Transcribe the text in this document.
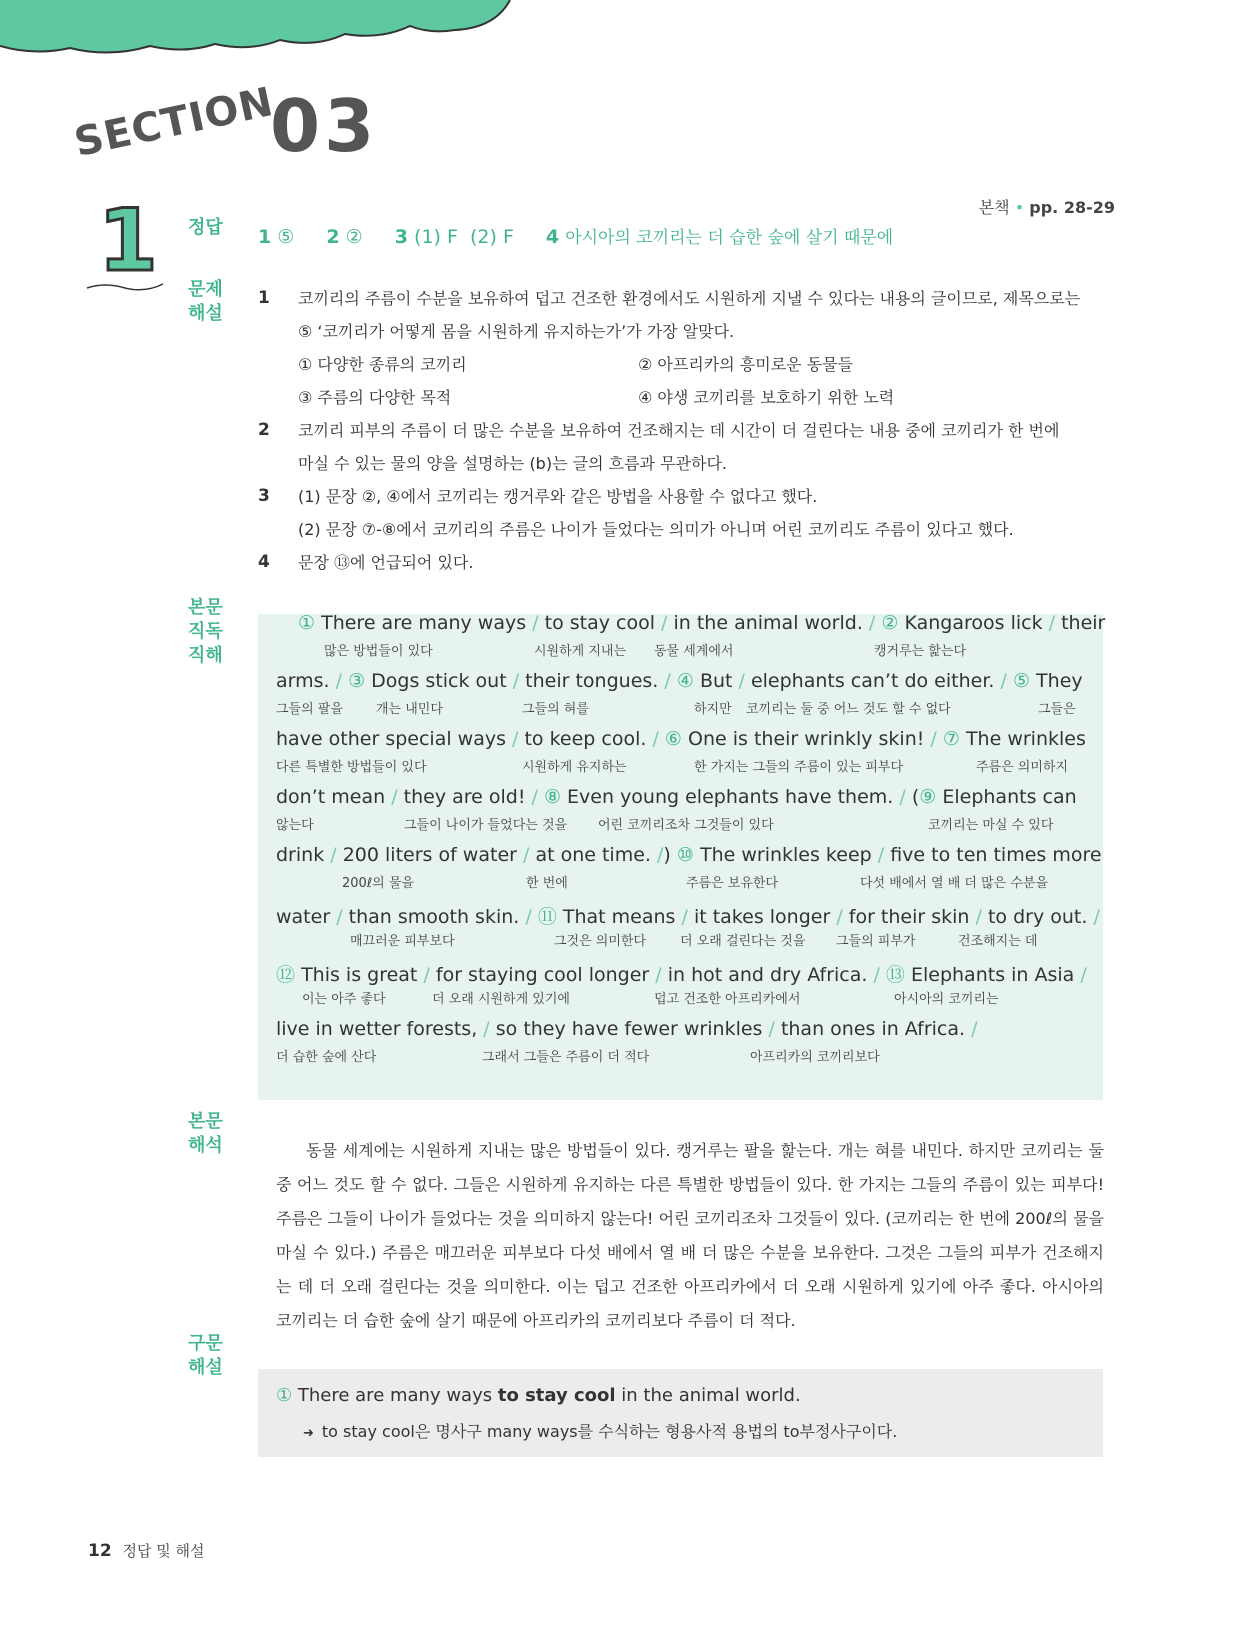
SECTION
03
1	본책 • pp. 28-29
정답
문제
해설
본문
직독
직해
본문
해석
구문
해설
1 ⑤ 2 ② 3 (1) F  (2) F 4 아시아의 코끼리는 더 습한 숲에 살기 때문에
1	코끼리의 주름이 수분을 보유하여 덥고 건조한 환경에서도 시원하게 지낼 수 있다는 내용의 글이므로, 제목으로는
⑤ ‘코끼리가 어떻게 몸을 시원하게 유지하는가’가 가장 알맞다.
① 다양한 종류의 코끼리	② 아프리카의 흥미로운 동물들
③ 주름의 다양한 목적	④ 야생 코끼리를 보호하기 위한 노력
2	코끼리 피부의 주름이 더 많은 수분을 보유하여 건조해지는 데 시간이 더 걸린다는 내용 중에 코끼리가 한 번에
마실 수 있는 물의 양을 설명하는 (b)는 글의 흐름과 무관하다.
3	(1) 문장 ②, ④에서 코끼리는 캥거루와 같은 방법을 사용할 수 없다고 했다.
(2) 문장 ⑦-⑧에서 코끼리의 주름은 나이가 들었다는 의미가 아니며 어린 코끼리도 주름이 있다고 했다.
4	문장 ⑬에 언급되어 있다.
① There are many ways / to stay cool / in the animal world. / ② Kangaroos lick / their
많은 방법들이 있다	시원하게 지내는 동물 세계에서	캥거루는 핥는다
arms. / ③ Dogs stick out / their tongues. / ④ But / elephants can’t do either. / ⑤ They
그들의 팔을	개는 내민다	그들의 혀를	하지만 코끼리는 둘 중 어느 것도 할 수 없다	그들은
have other special ways / to keep cool. / ⑥ One is their wrinkly skin! / ⑦ The wrinkles
다른 특별한 방법들이 있다	시원하게 유지하는	한 가지는 그들의 주름이 있는 피부다	주름은 의미하지
don’t mean / they are old! / ⑧ Even young elephants have them. / (⑨ Elephants can
않는다	그들이 나이가 들었다는 것을 어린 코끼리조차 그것들이 있다	코끼리는 마실 수 있다
drink / 200 liters of water / at one time. /) ⑩ The wrinkles keep / five to ten times more
200ℓ의 물을	한 번에	주름은 보유한다	다섯 배에서 열 배 더 많은 수분을
water / than smooth skin. / ⑪ That means / it takes longer / for their skin / to dry out. /
매끄러운 피부보다	그것은 의미한다	더 오래 걸린다는 것을 그들의 피부가	건조해지는 데
⑫ This is great / for staying cool longer / in hot and dry Africa. / ⑬ Elephants in Asia /
이는 아주 좋다	더 오래 시원하게 있기에	덥고 건조한 아프리카에서	아시아의 코끼리는
live in wetter forests, / so they have fewer wrinkles / than ones in Africa. /
더 습한 숲에 산다	그래서 그들은 주름이 더 적다	아프리카의 코끼리보다
동물 세계에는 시원하게 지내는 많은 방법들이 있다. 캥거루는 팔을 핥는다. 개는 혀를 내민다. 하지만 코끼리는 둘 중 어느 것도 할 수 없다. 그들은 시원하게 유지하는 다른 특별한 방법들이 있다. 한 가지는 그들의 주름이 있는 피부다! 주름은 그들이 나이가 들었다는 것을 의미하지 않는다! 어린 코끼리조차 그것들이 있다. (코끼리는 한 번에 200ℓ의 물을 마실 수 있다.) 주름은 매끄러운 피부보다 다섯 배에서 열 배 더 많은 수분을 보유한다. 그것은 그들의 피부가 건조해지는 데 더 오래 걸린다는 것을 의미한다. 이는 덥고 건조한 아프리카에서 더 오래 시원하게 있기에 아주 좋다. 아시아의 코끼리는 더 습한 숲에 살기 때문에 아프리카의 코끼리보다 주름이 더 적다.
① There are many ways to stay cool in the animal world.
➜ to stay cool은 명사구 many ways를 수식하는 형용사적 용법의 to부정사구이다.
12 정답 및 해설
